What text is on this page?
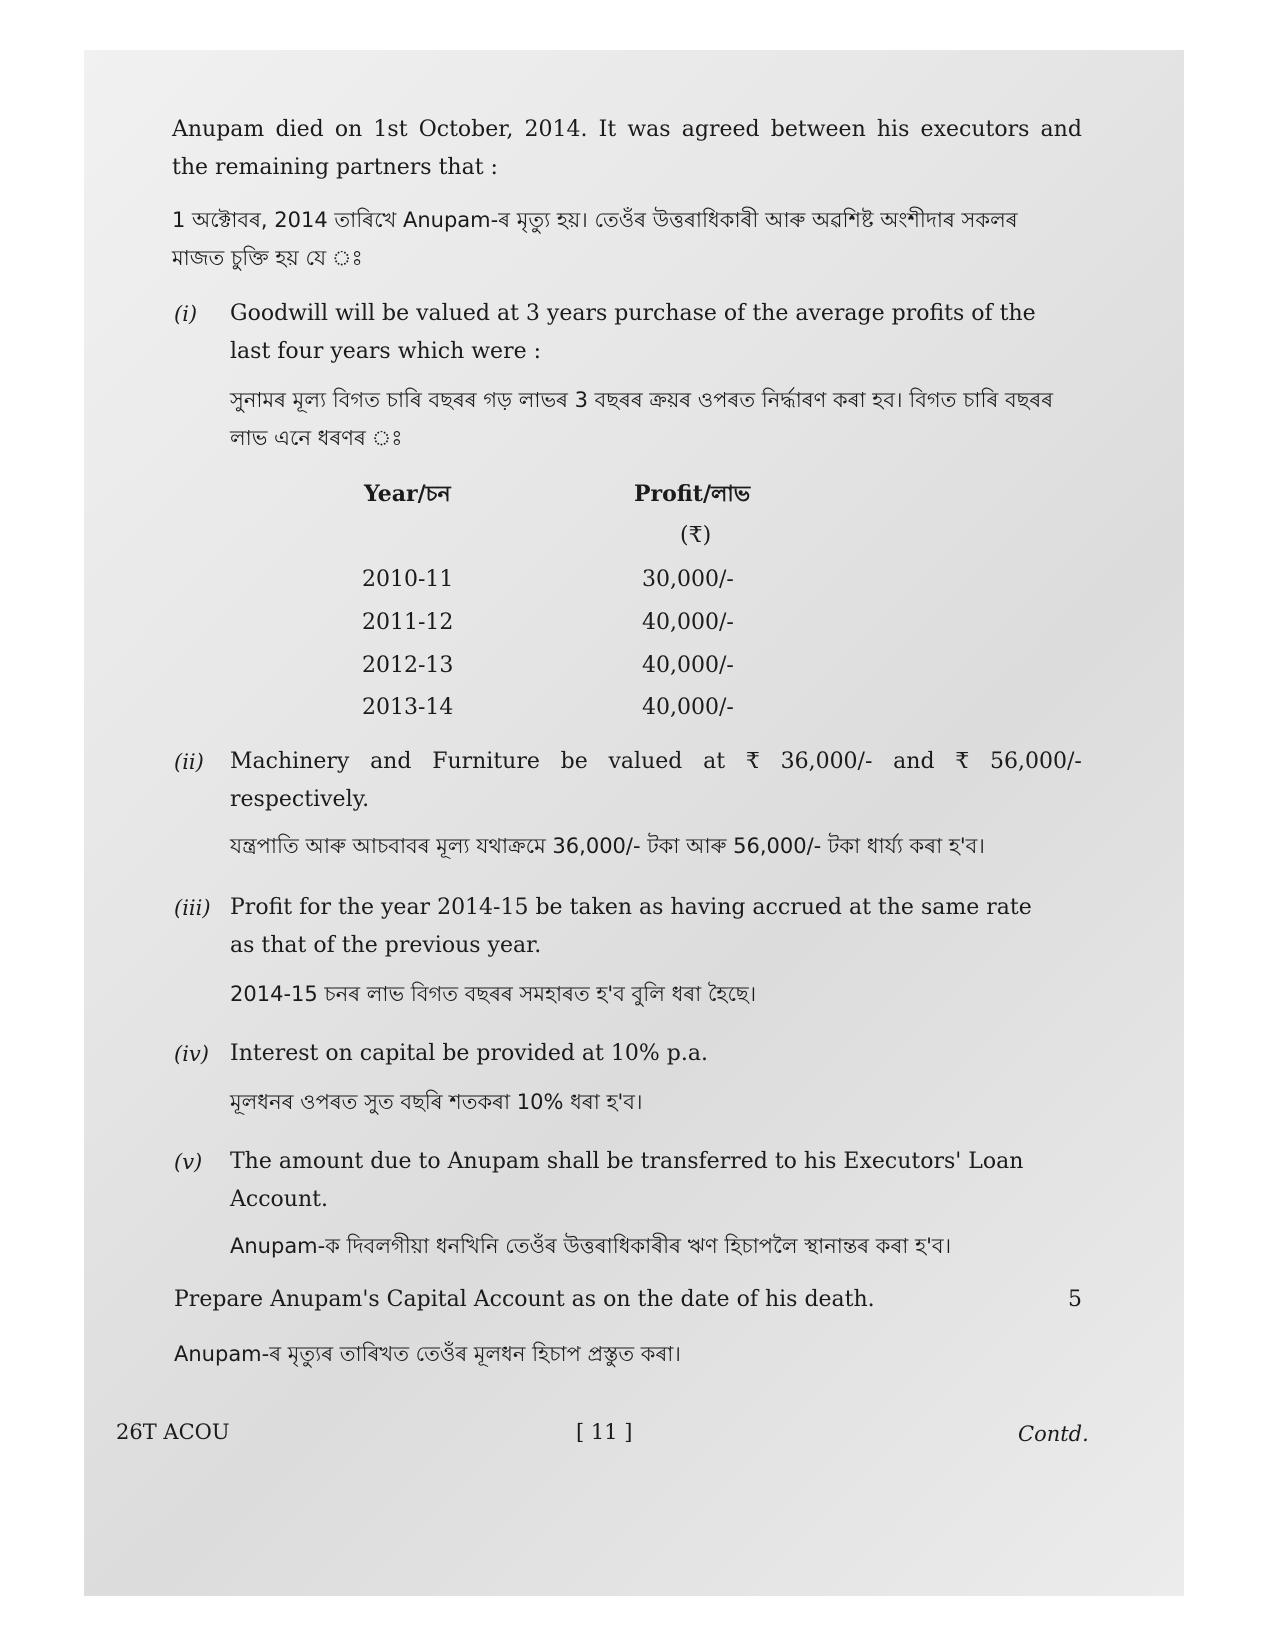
Anupam died on 1st October, 2014. It was agreed between his executors and
the remaining partners that :
1 অক্টোবৰ, 2014 তাৰিখে Anupam-ৰ মৃত্যু হয়। তেওঁৰ উত্তৰাধিকাৰী আৰু অৱশিষ্ট অংশীদাৰ সকলৰ
মাজত চুক্তি হয় যে ঃ
(i) Goodwill will be valued at 3 years purchase of the average profits of the
last four years which were :
সুনামৰ মূল্য বিগত চাৰি বছৰৰ গড় লাভৰ 3 বছৰৰ ক্ৰয়ৰ ওপৰত নিৰ্দ্ধাৰণ কৰা হব। বিগত চাৰি বছৰৰ
লাভ এনে ধৰণৰ ঃ
Year/চন	Profit/লাভ
(₹)
2010-11	30,000/-
2011-12	40,000/-
2012-13	40,000/-
2013-14	40,000/-
(ii) Machinery and Furniture be valued at ₹ 36,000/- and ₹ 56,000/-
respectively.
যন্ত্ৰপাতি আৰু আচবাবৰ মূল্য যথাক্ৰমে 36,000/- টকা আৰু 56,000/- টকা ধাৰ্য্য কৰা হ'ব।
(iii) Profit for the year 2014-15 be taken as having accrued at the same rate
as that of the previous year.
2014-15 চনৰ লাভ বিগত বছৰৰ সমহাৰত হ'ব বুলি ধৰা হৈছে।
(iv) Interest on capital be provided at 10% p.a.
মূলধনৰ ওপৰত সুত বছৰি শতকৰা 10% ধৰা হ'ব।
(v) The amount due to Anupam shall be transferred to his Executors' Loan
Account.
Anupam-ক দিবলগীয়া ধনখিনি তেওঁৰ উত্তৰাধিকাৰীৰ ঋণ হিচাপলৈ স্থানান্তৰ কৰা হ'ব।
Prepare Anupam's Capital Account as on the date of his death.	5
Anupam-ৰ মৃত্যুৰ তাৰিখত তেওঁৰ মূলধন হিচাপ প্ৰস্তুত কৰা।
26T ACOU	[ 11 ]	Contd.
